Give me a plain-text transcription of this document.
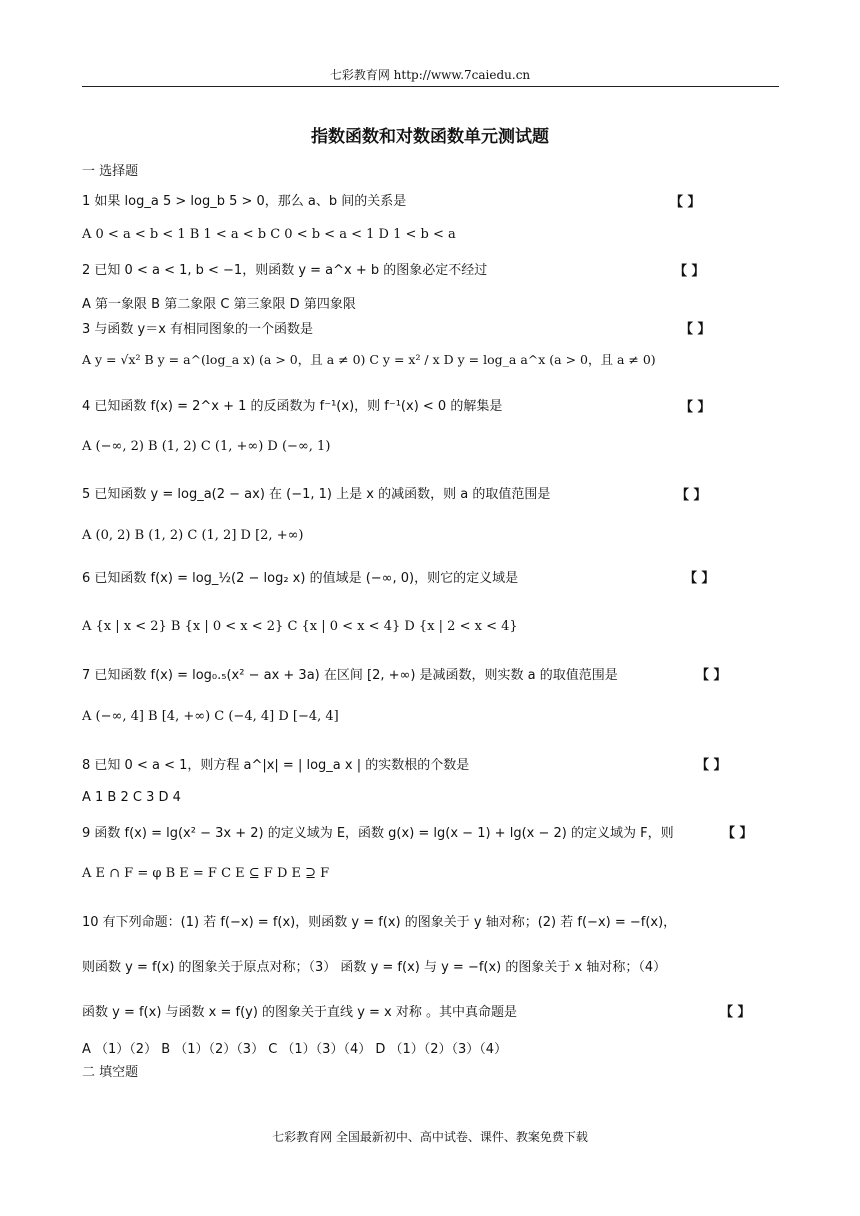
七彩教育网 http://www.7caiedu.cn
指数函数和对数函数单元测试题
一 选择题
1 如果 log_a 5 > log_b 5 > 0，那么 a、b 间的关系是	【 】
A 0 < a < b < 1 B 1 < a < b C 0 < b < a < 1 D 1 < b < a
2 已知 0 < a < 1, b < −1，则函数 y = a^x + b 的图象必定不经过	【 】
A 第一象限 B 第二象限 C 第三象限 D 第四象限
3 与函数 y＝x 有相同图象的一个函数是	【 】
A y = √x² B y = a^(log_a x) (a > 0，且 a ≠ 0) C y = x² / x D y = log_a a^x (a > 0，且 a ≠ 0)
4 已知函数 f(x) = 2^x + 1 的反函数为 f⁻¹(x)，则 f⁻¹(x) < 0 的解集是	【 】
A (−∞, 2) B (1, 2) C (1, +∞) D (−∞, 1)
5 已知函数 y = log_a(2 − ax) 在 (−1, 1) 上是 x 的减函数，则 a 的取值范围是	【 】
A (0, 2) B (1, 2) C (1, 2] D [2, +∞)
6 已知函数 f(x) = log_½(2 − log₂ x) 的值域是 (−∞, 0)，则它的定义域是	【 】
A {x | x < 2} B {x | 0 < x < 2} C {x | 0 < x < 4} D {x | 2 < x < 4}
7 已知函数 f(x) = log₀.₅(x² − ax + 3a) 在区间 [2, +∞) 是减函数，则实数 a 的取值范围是	【 】
A (−∞, 4] B [4, +∞) C (−4, 4] D [−4, 4]
8 已知 0 < a < 1，则方程 a^|x| = | log_a x | 的实数根的个数是	【 】
A 1 B 2 C 3 D 4
9 函数 f(x) = lg(x² − 3x + 2) 的定义域为 E，函数 g(x) = lg(x − 1) + lg(x − 2) 的定义域为 F，则	【 】
A E ∩ F = φ B E = F C E ⊆ F D E ⊇ F
10 有下列命题：(1) 若 f(−x) = f(x)，则函数 y = f(x) 的图象关于 y 轴对称；(2) 若 f(−x) = −f(x)，
则函数 y = f(x) 的图象关于原点对称；（3） 函数 y = f(x) 与 y = −f(x) 的图象关于 x 轴对称；（4）
函数 y = f(x) 与函数 x = f(y) 的图象关于直线 y = x 对称 。其中真命题是	【 】
A （1）（2） B （1）（2）（3） C （1）（3）（4） D （1）（2）（3）（4）
二 填空题
七彩教育网 全国最新初中、高中试卷、课件、教案免费下载
